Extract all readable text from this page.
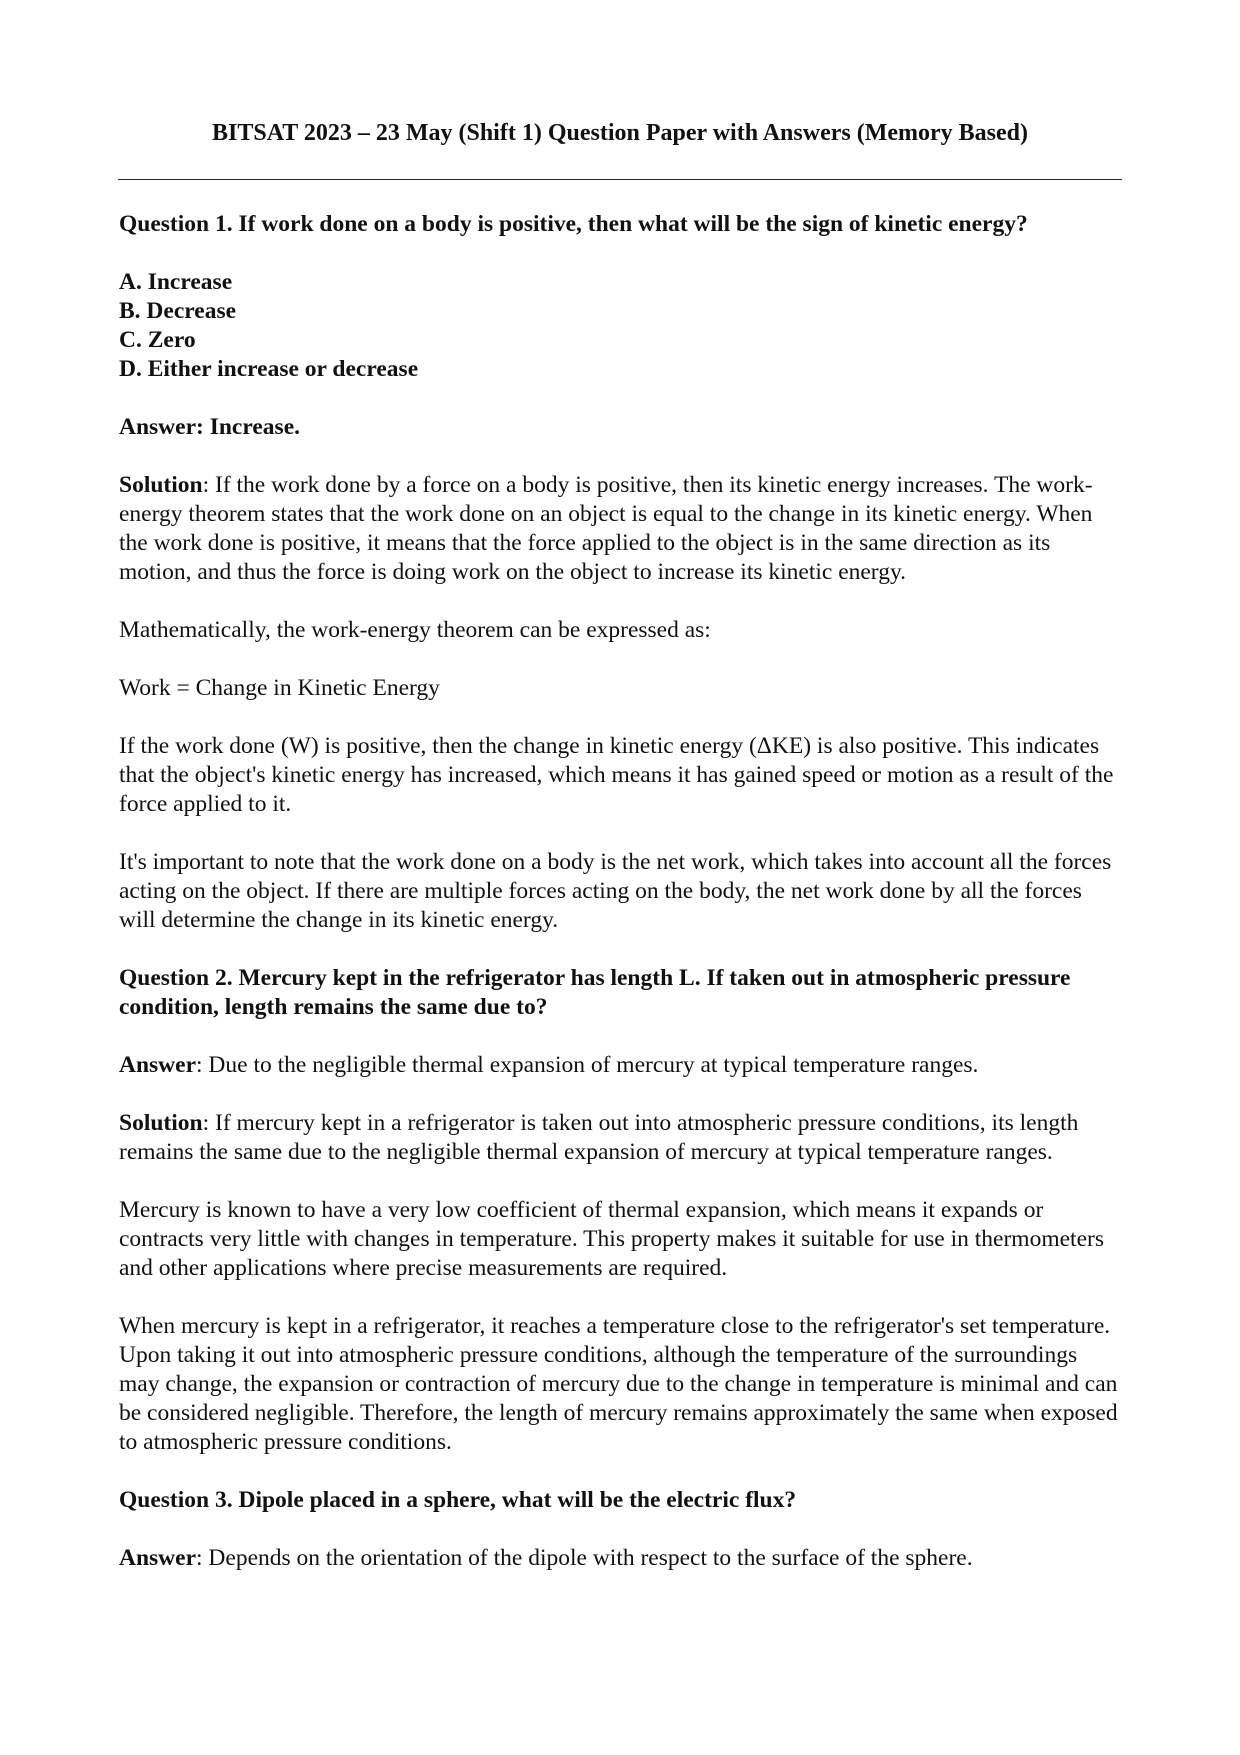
BITSAT 2023 – 23 May (Shift 1) Question Paper with Answers (Memory Based)

Question 1. If work done on a body is positive, then what will be the sign of kinetic energy?

A. Increase
B. Decrease
C. Zero
D. Either increase or decrease

Answer: Increase.

Solution: If the work done by a force on a body is positive, then its kinetic energy increases. The work-energy theorem states that the work done on an object is equal to the change in its kinetic energy. When the work done is positive, it means that the force applied to the object is in the same direction as its motion, and thus the force is doing work on the object to increase its kinetic energy.

Mathematically, the work-energy theorem can be expressed as:

Work = Change in Kinetic Energy

If the work done (W) is positive, then the change in kinetic energy (ΔKE) is also positive. This indicates that the object's kinetic energy has increased, which means it has gained speed or motion as a result of the force applied to it.

It's important to note that the work done on a body is the net work, which takes into account all the forces acting on the object. If there are multiple forces acting on the body, the net work done by all the forces will determine the change in its kinetic energy.

Question 2. Mercury kept in the refrigerator has length L. If taken out in atmospheric pressure condition, length remains the same due to?

Answer: Due to the negligible thermal expansion of mercury at typical temperature ranges.

Solution: If mercury kept in a refrigerator is taken out into atmospheric pressure conditions, its length remains the same due to the negligible thermal expansion of mercury at typical temperature ranges.

Mercury is known to have a very low coefficient of thermal expansion, which means it expands or contracts very little with changes in temperature. This property makes it suitable for use in thermometers and other applications where precise measurements are required.

When mercury is kept in a refrigerator, it reaches a temperature close to the refrigerator's set temperature. Upon taking it out into atmospheric pressure conditions, although the temperature of the surroundings may change, the expansion or contraction of mercury due to the change in temperature is minimal and can be considered negligible. Therefore, the length of mercury remains approximately the same when exposed to atmospheric pressure conditions.

Question 3. Dipole placed in a sphere, what will be the electric flux?

Answer: Depends on the orientation of the dipole with respect to the surface of the sphere.
